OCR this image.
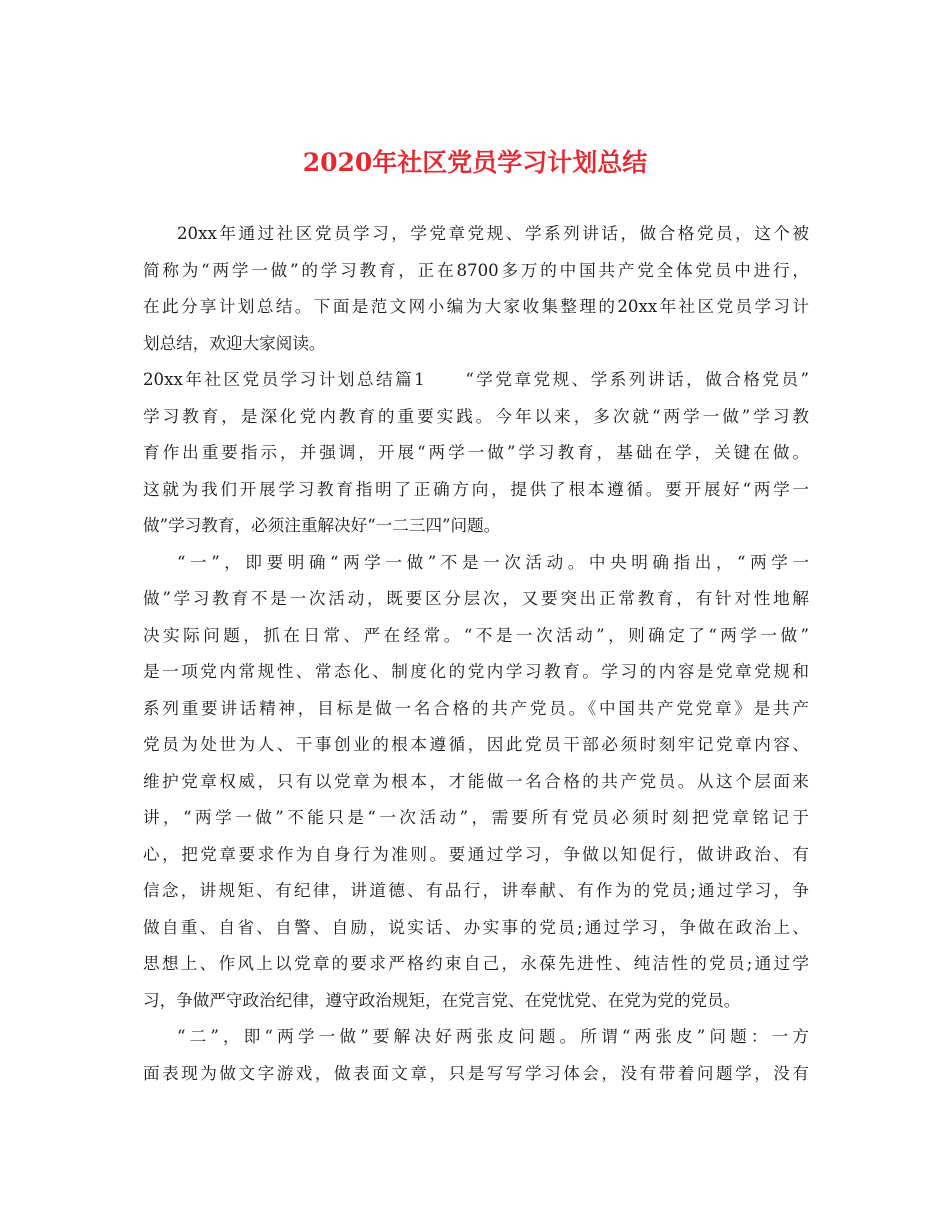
2020年社区党员学习计划总结
20xx年通过社区党员学习，学党章党规、学系列讲话，做合格党员，这个被
简称为“两学一做”的学习教育，正在8700多万的中国共产党全体党员中进行，
在此分享计划总结。下面是范文网小编为大家收集整理的20xx年社区党员学习计
划总结，欢迎大家阅读。
20xx年社区党员学习计划总结篇1　　“学党章党规、学系列讲话，做合格党员”
学习教育，是深化党内教育的重要实践。今年以来，多次就“两学一做”学习教
育作出重要指示，并强调，开展“两学一做”学习教育，基础在学，关键在做。
这就为我们开展学习教育指明了正确方向，提供了根本遵循。要开展好“两学一
做”学习教育，必须注重解决好“一二三四”问题。
“一”，即要明确“两学一做”不是一次活动。中央明确指出，“两学一
做”学习教育不是一次活动，既要区分层次，又要突出正常教育，有针对性地解
决实际问题，抓在日常、严在经常。“不是一次活动”，则确定了“两学一做”
是一项党内常规性、常态化、制度化的党内学习教育。学习的内容是党章党规和
系列重要讲话精神，目标是做一名合格的共产党员。《中国共产党党章》是共产
党员为处世为人、干事创业的根本遵循，因此党员干部必须时刻牢记党章内容、
维护党章权威，只有以党章为根本，才能做一名合格的共产党员。从这个层面来
讲，“两学一做”不能只是“一次活动”，需要所有党员必须时刻把党章铭记于
心，把党章要求作为自身行为准则。要通过学习，争做以知促行，做讲政治、有
信念，讲规矩、有纪律，讲道德、有品行，讲奉献、有作为的党员;通过学习，争
做自重、自省、自警、自励，说实话、办实事的党员;通过学习，争做在政治上、
思想上、作风上以党章的要求严格约束自己，永葆先进性、纯洁性的党员;通过学
习，争做严守政治纪律，遵守政治规矩，在党言党、在党忧党、在党为党的党员。
“二”，即“两学一做”要解决好两张皮问题。所谓“两张皮”问题：一方
面表现为做文字游戏，做表面文章，只是写写学习体会，没有带着问题学，没有
